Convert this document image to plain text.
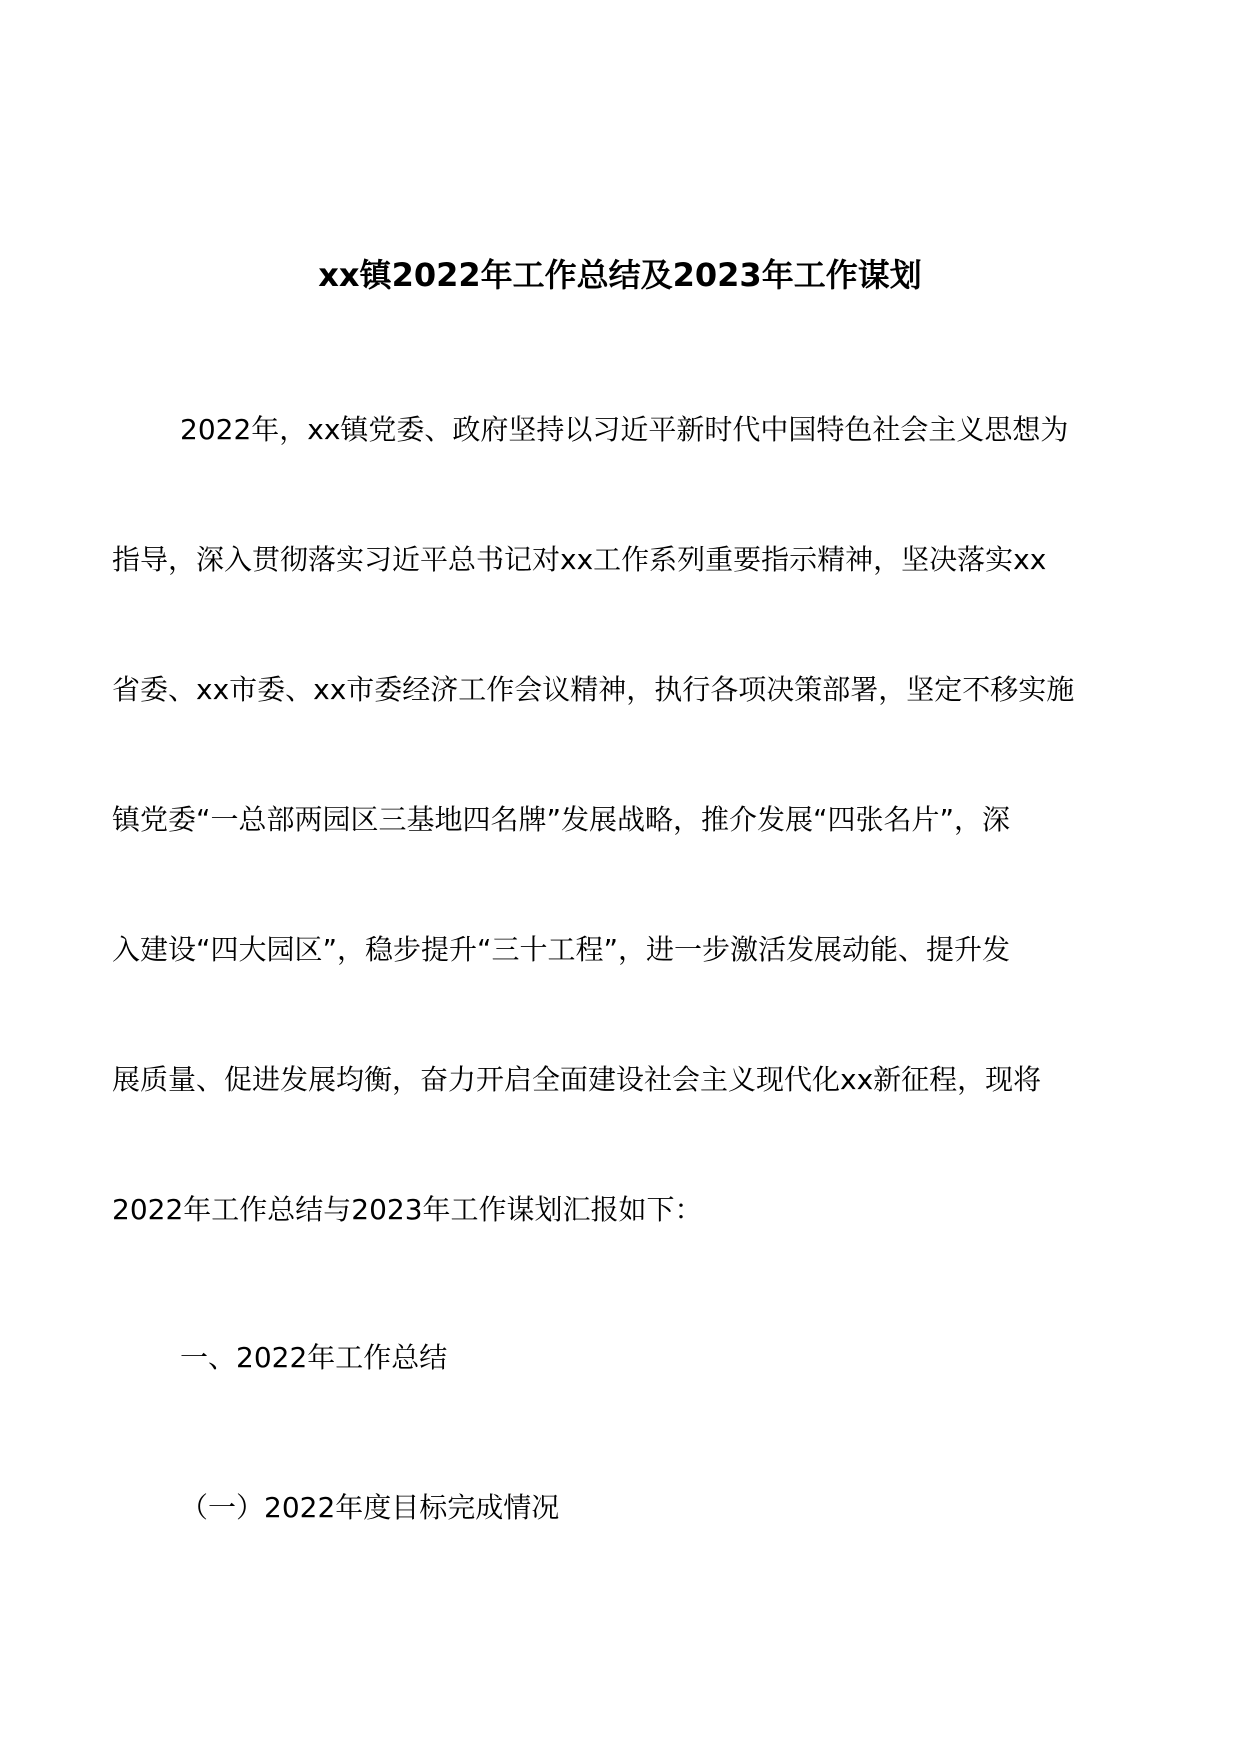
xx镇2022年工作总结及2023年工作谋划
2022年，xx镇党委、政府坚持以习近平新时代中国特色社会主义思想为
指导，深入贯彻落实习近平总书记对xx工作系列重要指示精神，坚决落实xx
省委、xx市委、xx市委经济工作会议精神，执行各项决策部署，坚定不移实施
镇党委“一总部两园区三基地四名牌”发展战略，推介发展“四张名片”，深
入建设“四大园区”，稳步提升“三十工程”，进一步激活发展动能、提升发
展质量、促进发展均衡，奋力开启全面建设社会主义现代化xx新征程，现将
2022年工作总结与2023年工作谋划汇报如下：
一、2022年工作总结
（一）2022年度目标完成情况
